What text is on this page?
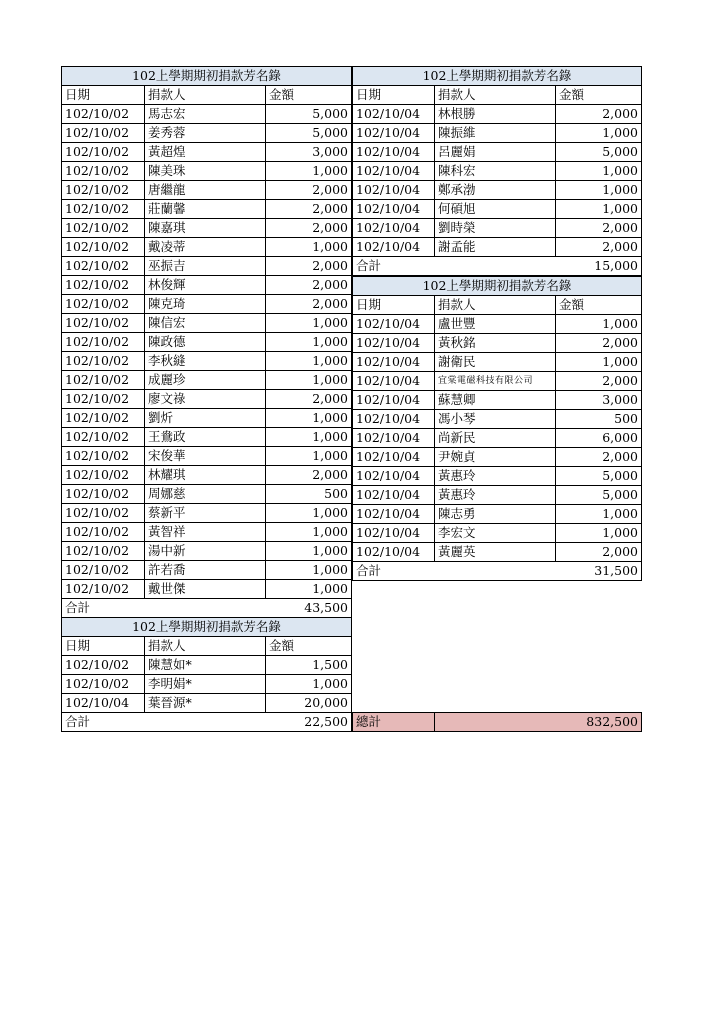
102上學期期初捐款芳名錄		
日期	捐款人	金額
102/10/02	馬志宏	5,000
102/10/02	姜秀蓉	5,000
102/10/02	黃超煌	3,000
102/10/02	陳美珠	1,000
102/10/02	唐繼龍	2,000
102/10/02	莊蘭馨	2,000
102/10/02	陳嘉琪	2,000
102/10/02	戴凌蒂	1,000
102/10/02	巫振吉	2,000
102/10/02	林俊輝	2,000
102/10/02	陳克琦	2,000
102/10/02	陳信宏	1,000
102/10/02	陳政德	1,000
102/10/02	李秋縫	1,000
102/10/02	成麗珍	1,000
102/10/02	廖文祿	2,000
102/10/02	劉炘	1,000
102/10/02	王鴦政	1,000
102/10/02	宋俊華	1,000
102/10/02	林耀琪	2,000
102/10/02	周娜慈	500
102/10/02	蔡新平	1,000
102/10/02	黃智祥	1,000
102/10/02	湯中新	1,000
102/10/02	許若喬	1,000
102/10/02	戴世傑	1,000
合計		43,500
102上學期期初捐款芳名錄		
日期	捐款人	金額
102/10/02	陳慧如*	1,500
102/10/02	李明娟*	1,000
102/10/04	葉晉源*	20,000
合計		22,500
102上學期期初捐款芳名錄		
日期	捐款人	金額
102/10/04	林根勝	2,000
102/10/04	陳振維	1,000
102/10/04	呂麗娟	5,000
102/10/04	陳科宏	1,000
102/10/04	鄭承渤	1,000
102/10/04	何碩旭	1,000
102/10/04	劉時榮	2,000
102/10/04	謝孟能	2,000
合計		15,000
102上學期期初捐款芳名錄		
日期	捐款人	金額
102/10/04	盧世豐	1,000
102/10/04	黃秋銘	2,000
102/10/04	謝衛民	1,000
102/10/04	宜棠電磁科技有限公司	2,000
102/10/04	蘇慧卿	3,000
102/10/04	馮小琴	500
102/10/04	尚新民	6,000
102/10/04	尹婉貞	2,000
102/10/04	黃惠玲	5,000
102/10/04	黃惠玲	5,000
102/10/04	陳志勇	1,000
102/10/04	李宏文	1,000
102/10/04	黃麗英	2,000
合計		31,500
總計	832,500
